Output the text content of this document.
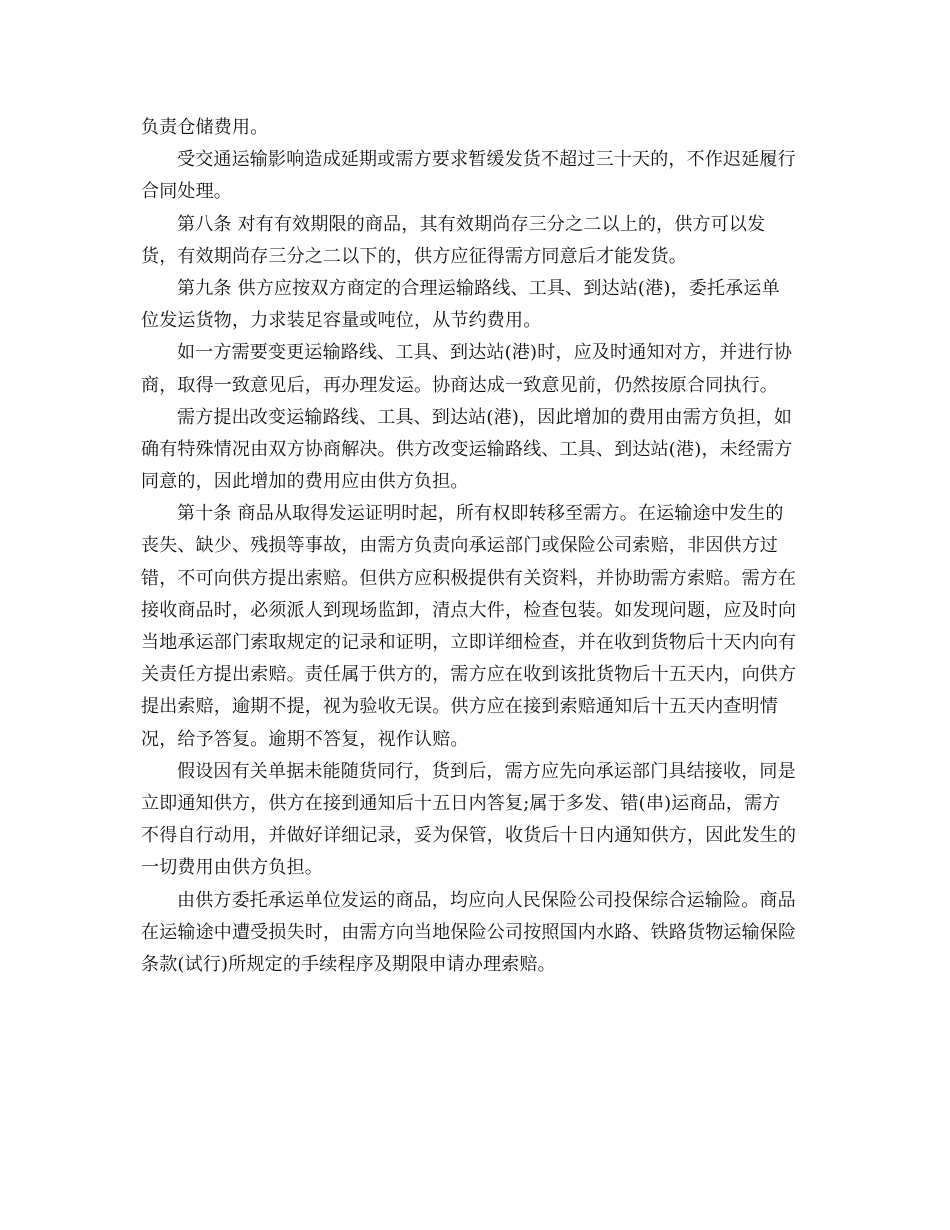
负责仓储费用。
受交通运输影响造成延期或需方要求暂缓发货不超过三十天的，不作迟延履行
合同处理。
第八条 对有有效期限的商品，其有效期尚存三分之二以上的，供方可以发
货，有效期尚存三分之二以下的，供方应征得需方同意后才能发货。
第九条 供方应按双方商定的合理运输路线、工具、到达站(港)，委托承运单
位发运货物，力求装足容量或吨位，从节约费用。
如一方需要变更运输路线、工具、到达站(港)时，应及时通知对方，并进行协
商，取得一致意见后，再办理发运。协商达成一致意见前，仍然按原合同执行。
需方提出改变运输路线、工具、到达站(港)，因此增加的费用由需方负担，如
确有特殊情况由双方协商解决。供方改变运输路线、工具、到达站(港)，未经需方
同意的，因此增加的费用应由供方负担。
第十条 商品从取得发运证明时起，所有权即转移至需方。在运输途中发生的
丧失、缺少、残损等事故，由需方负责向承运部门或保险公司索赔，非因供方过
错，不可向供方提出索赔。但供方应积极提供有关资料，并协助需方索赔。需方在
接收商品时，必须派人到现场监卸，清点大件，检查包装。如发现问题，应及时向
当地承运部门索取规定的记录和证明，立即详细检查，并在收到货物后十天内向有
关责任方提出索赔。责任属于供方的，需方应在收到该批货物后十五天内，向供方
提出索赔，逾期不提，视为验收无误。供方应在接到索赔通知后十五天内查明情
况，给予答复。逾期不答复，视作认赔。
假设因有关单据未能随货同行，货到后，需方应先向承运部门具结接收，同是
立即通知供方，供方在接到通知后十五日内答复;属于多发、错(串)运商品，需方
不得自行动用，并做好详细记录，妥为保管，收货后十日内通知供方，因此发生的
一切费用由供方负担。
由供方委托承运单位发运的商品，均应向人民保险公司投保综合运输险。商品
在运输途中遭受损失时，由需方向当地保险公司按照国内水路、铁路货物运输保险
条款(试行)所规定的手续程序及期限申请办理索赔。
